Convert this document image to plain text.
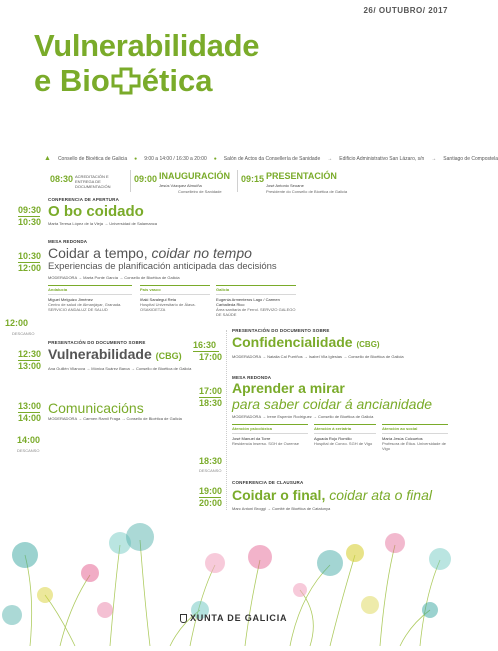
26/ OUTUBRO/ 2017
Vulnerabilidade
e Bio ética
▲ Consello de Bioética de Galicia ● 9:00 a 14:00 / 16:30 a 20:00 ● Salón de Actos da Consellería de Sanidade → Edificio Administrativo San Lázaro, s/n → Santiago de Compostela
08:30 ACREDITACIÓN E ENTREGA DE DOCUMENTACIÓN
09:00 INAUGURACIÓN
Jesús Vázquez Almuíña
Conselleiro de Sanidade
09:15 PRESENTACIÓN
José Antonio Seoane
Presidente do Consello de Bioética de Galicia
09:30
10:30
CONFERENCIA DE APERTURA
O bo coidado
Marta Teresa López de la Vieja → Universidad de Salamanca
10:30
12:00
MESA REDONDA
Coidar a tempo, coidar no tempo
Experiencias de planificación anticipada das decisións
MODERADORA → Marta Ponte García → Consello de Bioética de Galicia
Andalucía
Miguel Melguizo Jiménez
Centro de salud de Almanjáyar, Granada. SERVICIO ANDALUZ DE SALUD
País vasco
Iñaki Saralegui Reta
Hospital Universitario de Álava. OSAKIDETZA
Galicia
Eugenia Armenteros Lago / Carmen Carballeda Rico
Área sanitaria de Ferrol. SERVIZO GALEGO DE SAÚDE
12:00
DESCANSO
12:30
13:00
PRESENTACIÓN DO DOCUMENTO SOBRE
Vulnerabilidade (CBG)
Ana Guillén Vilanova → Mónica Suárez Baroa → Consello de Bioética de Galicia
13:00
14:00
Comunicacións
MODERADORA → Carmen Ramil Fraga → Consello de Bioética de Galicia
14:00
DESCANSO
PRESENTACIÓN DO DOCUMENTO SOBRE
16:30
17:00
Confidencialidade (CBG)
MODERADORA → Natalia Cal Purriños → Isabel Vila Iglesias → Consello de Bioética de Galicia
MESA REDONDA
17:00
18:30
Aprender a mirar
para saber coidar á ancianidade
MODERADORA → Irene Esperón Rodríguez → Consello de Bioética de Galicia
Atención psicolóxica
José Manuel da Torre
Residencia Inserso. SGH de Ourense
Atención á xeriatría
Aguada Rojo Romillo
Hospital de Conxo. SGH de Vigo
Atención ao social
María Jesús Colcuetos
Profesora de Ética. Universidade de Vigo
18:30
DESCANSO
CONFERENCIA DE CLAUSURA
19:00
20:00 Coidar o final, coidar ata o final
Marc Antoni Broggi → Comité de Bioética de Catalunya
XUNTA DE GALICIA
